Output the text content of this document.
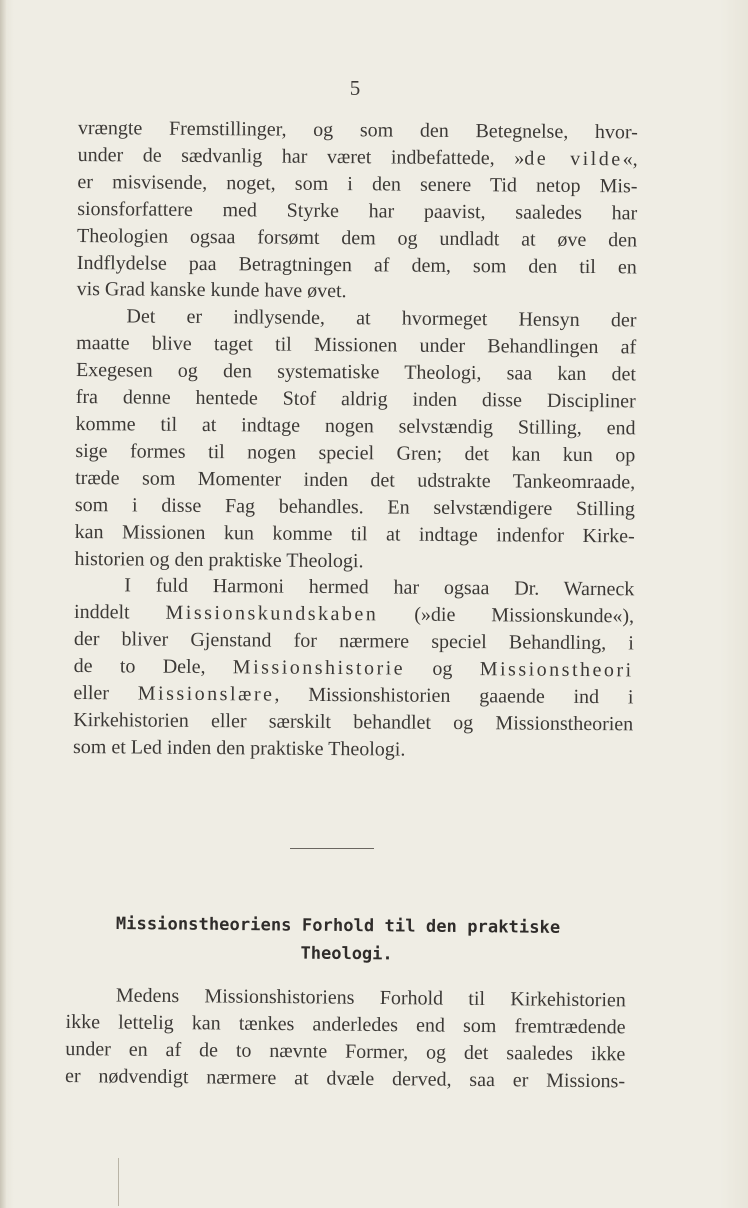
5
vrængte Fremstillinger, og som den Betegnelse, hvor-
under de sædvanlig har været indbefattede, »de vilde«,
er misvisende, noget, som i den senere Tid netop Mis-
sionsforfattere med Styrke har paavist, saaledes har
Theologien ogsaa forsømt dem og undladt at øve den
Indflydelse paa Betragtningen af dem, som den til en
vis Grad kanske kunde have øvet.
Det er indlysende, at hvormeget Hensyn der
maatte blive taget til Missionen under Behandlingen af
Exegesen og den systematiske Theologi, saa kan det
fra denne hentede Stof aldrig inden disse Discipliner
komme til at indtage nogen selvstændig Stilling, end
sige formes til nogen speciel Gren; det kan kun op
træde som Momenter inden det udstrakte Tankeomraade,
som i disse Fag behandles. En selvstændigere Stilling
kan Missionen kun komme til at indtage indenfor Kirke-
historien og den praktiske Theologi.
I fuld Harmoni hermed har ogsaa Dr. Warneck
inddelt Missionskundskaben (»die Missionskunde«),
der bliver Gjenstand for nærmere speciel Behandling, i
de to Dele, Missionshistorie og Missionstheori
eller Missionslære, Missionshistorien gaaende ind i
Kirkehistorien eller særskilt behandlet og Missionstheorien
som et Led inden den praktiske Theologi.
Missionstheoriens Forhold til den praktiske
Theologi.
Medens Missionshistoriens Forhold til Kirkehistorien
ikke lettelig kan tænkes anderledes end som fremtrædende
under en af de to nævnte Former, og det saaledes ikke
er nødvendigt nærmere at dvæle derved, saa er Missions-
